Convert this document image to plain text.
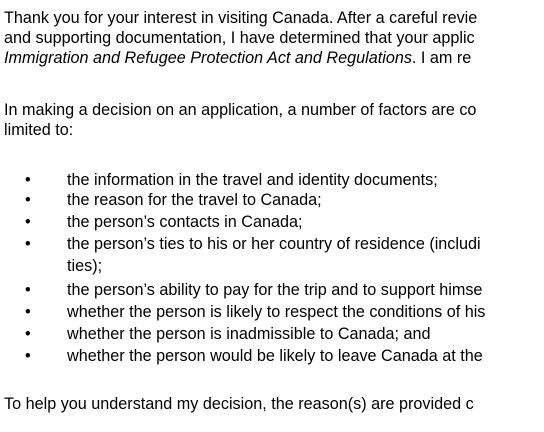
Thank you for your interest in visiting Canada. After a careful revie
and supporting documentation, I have determined that your applic
Immigration and Refugee Protection Act and Regulations. I am re
In making a decision on an application, a number of factors are co
limited to:
• the information in the travel and identity documents;
• the reason for the travel to Canada;
• the person’s contacts in Canada;
• the person’s ties to his or her country of residence (includi
ties);
• the person’s ability to pay for the trip and to support himse
• whether the person is likely to respect the conditions of his
• whether the person is inadmissible to Canada; and
• whether the person would be likely to leave Canada at the
To help you understand my decision, the reason(s) are provided c
